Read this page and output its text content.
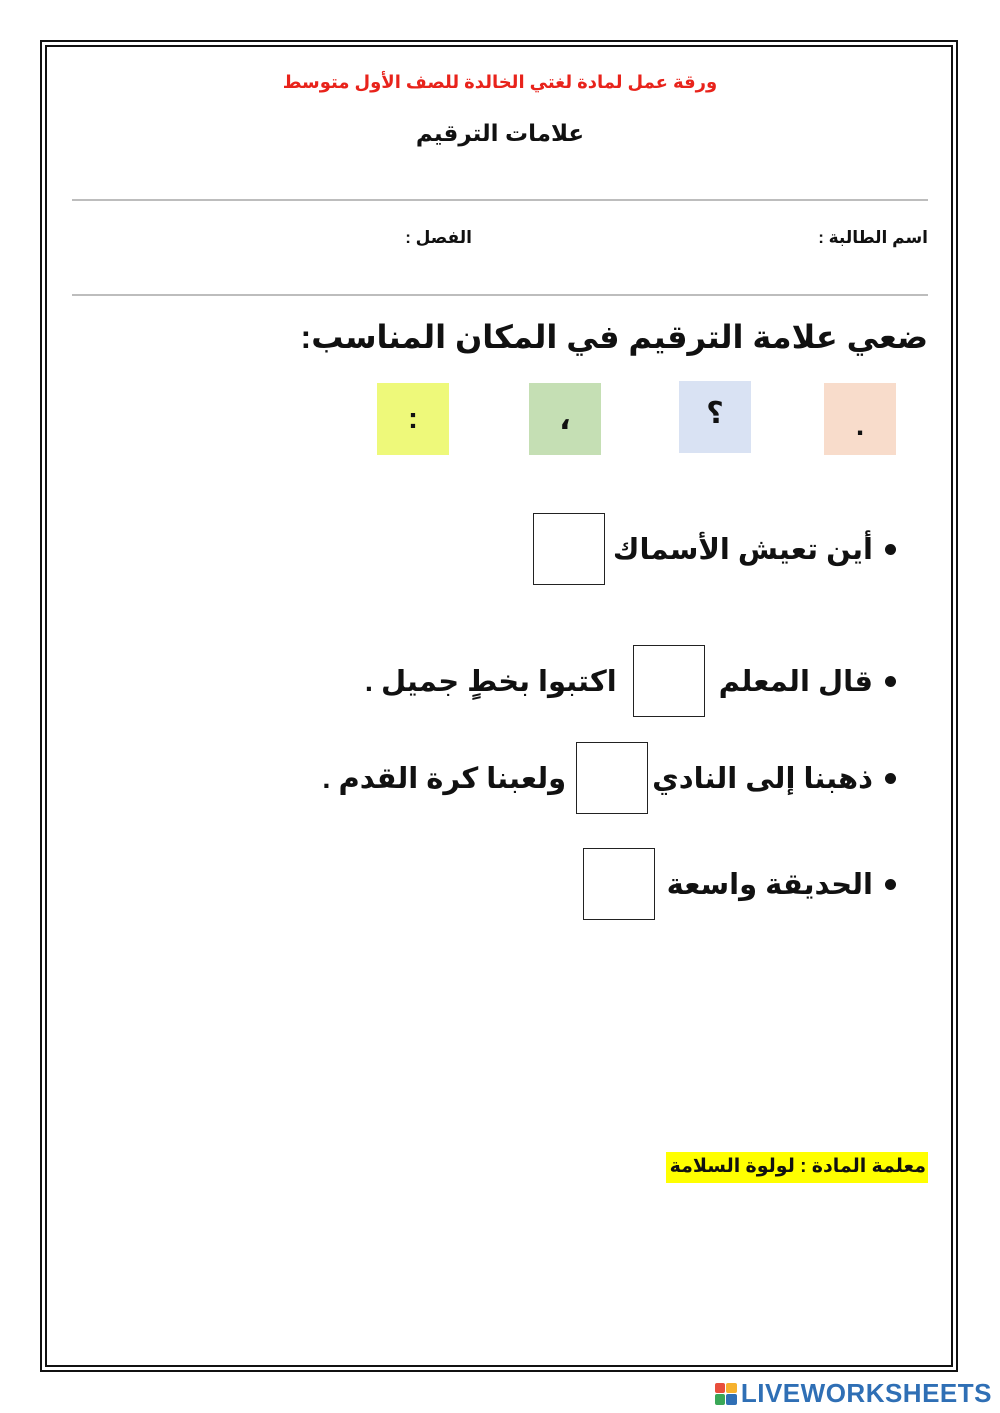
ورقة عمل لمادة لغتي الخالدة للصف الأول متوسط
علامات الترقيم
اسم الطالبة :
الفصل :
ضعي علامة الترقيم في المكان المناسب:
.
؟
،
:
أين تعيش الأسماك
قال المعلم
اكتبوا بخطٍ جميل .
ذهبنا إلى النادي
ولعبنا كرة القدم .
الحديقة واسعة
معلمة المادة : لولوة السلامة
LIVEWORKSHEETS
